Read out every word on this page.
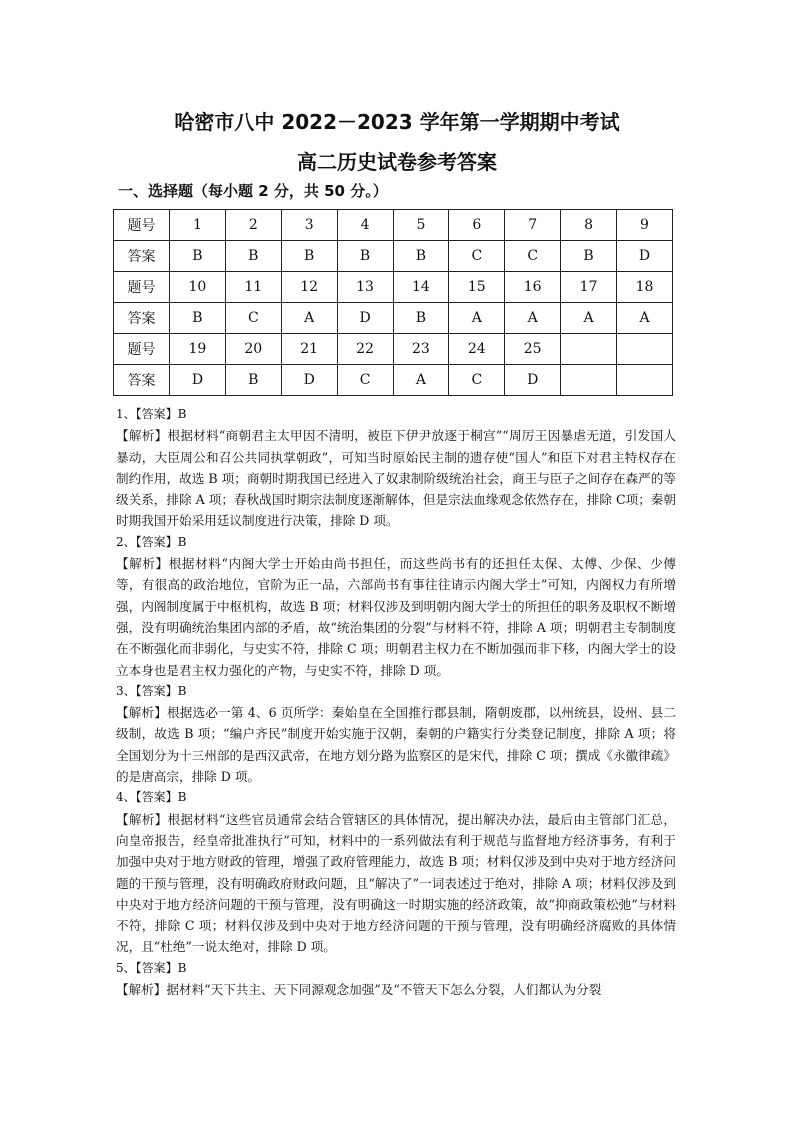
哈密市八中 2022－2023 学年第一学期期中考试
高二历史试卷参考答案
一、选择题（每小题 2 分，共 50 分。）
题号	1	2	3	4	5	6	7	8	9
答案	B	B	B	B	B	C	C	B	D
题号	10	11	12	13	14	15	16	17	18
答案	B	C	A	D	B	A	A	A	A
题号	19	20	21	22	23	24	25		
答案	D	B	D	C	A	C	D		

1、【答案】B

【解析】根据材料“商朝君主太甲因不清明，被臣下伊尹放逐于桐宫”“周厉王因暴虐无道，引发国人暴动，大臣周公和召公共同执掌朝政”，可知当时原始民主制的遗存使“国人”和臣下对君主特权存在制约作用，故选 B 项；商朝时期我国已经进入了奴隶制阶级统治社会，商王与臣子之间存在森严的等级关系，排除 A 项；春秋战国时期宗法制度逐渐解体，但是宗法血缘观念依然存在，排除 C项；秦朝时期我国开始采用廷议制度进行决策，排除 D 项。

2、【答案】B

【解析】根据材料“内阁大学士开始由尚书担任，而这些尚书有的还担任太保、太傅、少保、少傅等，有很高的政治地位，官阶为正一品，六部尚书有事往往请示内阁大学士”可知，内阁权力有所增强，内阁制度属于中枢机构，故选 B 项；材料仅涉及到明朝内阁大学士的所担任的职务及职权不断增强，没有明确统治集团内部的矛盾，故“统治集团的分裂”与材料不符，排除 A 项；明朝君主专制制度在不断强化而非弱化，与史实不符，排除 C 项；明朝君主权力在不断加强而非下移，内阁大学士的设立本身也是君主权力强化的产物，与史实不符，排除 D 项。

3、【答案】B

【解析】根据选必一第 4、6 页所学：秦始皇在全国推行郡县制，隋朝废郡，以州统县，设州、县二级制，故选 B 项；“编户齐民”制度开始实施于汉朝，秦朝的户籍实行分类登记制度，排除 A 项；将全国划分为十三州部的是西汉武帝，在地方划分路为监察区的是宋代，排除 C 项；撰成《永徽律疏》的是唐高宗，排除 D 项。

4、【答案】B

【解析】根据材料“这些官员通常会结合管辖区的具体情况，提出解决办法，最后由主管部门汇总，向皇帝报告，经皇帝批准执行”可知，材料中的一系列做法有利于规范与监督地方经济事务，有利于加强中央对于地方财政的管理，增强了政府管理能力，故选 B 项；材料仅涉及到中央对于地方经济问题的干预与管理，没有明确政府财政问题，且“解决了”一词表述过于绝对，排除 A 项；材料仅涉及到中央对于地方经济问题的干预与管理，没有明确这一时期实施的经济政策，故“抑商政策松弛”与材料不符，排除 C 项；材料仅涉及到中央对于地方经济问题的干预与管理，没有明确经济腐败的具体情况，且“杜绝”一说太绝对，排除 D 项。

5、【答案】B

【解析】据材料“天下共主、天下同源观念加强”及“不管天下怎么分裂，人们都认为分裂
